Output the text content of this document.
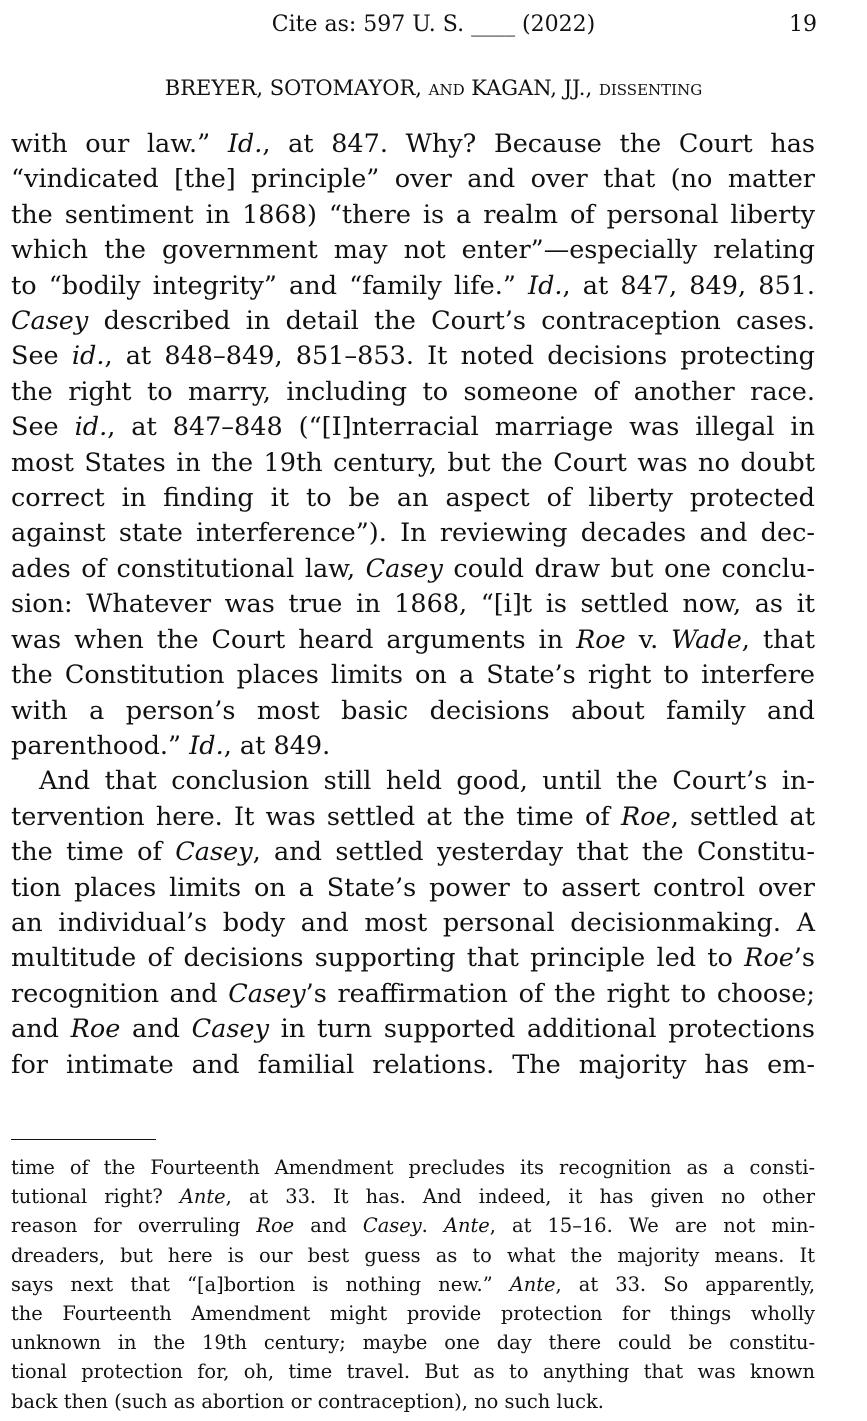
Cite as: 597 U. S. ____ (2022)	19
BREYER, SOTOMAYOR, and KAGAN, JJ., dissenting

with our law.” Id., at 847. Why? Because the Court has
“vindicated [the] principle” over and over that (no matter
the sentiment in 1868) “there is a realm of personal liberty
which the government may not enter”—especially relating
to “bodily integrity” and “family life.” Id., at 847, 849, 851.
Casey described in detail the Court’s contraception cases.
See id., at 848–849, 851–853. It noted decisions protecting
the right to marry, including to someone of another race.
See id., at 847–848 (“[I]nterracial marriage was illegal in
most States in the 19th century, but the Court was no doubt
correct in finding it to be an aspect of liberty protected
against state interference”). In reviewing decades and dec-
ades of constitutional law, Casey could draw but one conclu-
sion: Whatever was true in 1868, “[i]t is settled now, as it
was when the Court heard arguments in Roe v. Wade, that
the Constitution places limits on a State’s right to interfere
with a person’s most basic decisions about family and
parenthood.” Id., at 849.

And that conclusion still held good, until the Court’s in-
tervention here. It was settled at the time of Roe, settled at
the time of Casey, and settled yesterday that the Constitu-
tion places limits on a State’s power to assert control over
an individual’s body and most personal decisionmaking. A
multitude of decisions supporting that principle led to Roe’s
recognition and Casey’s reaffirmation of the right to choose;
and Roe and Casey in turn supported additional protections
for intimate and familial relations. The majority has em-

time of the Fourteenth Amendment precludes its recognition as a consti-
tutional right? Ante, at 33. It has. And indeed, it has given no other
reason for overruling Roe and Casey. Ante, at 15–16. We are not min-
dreaders, but here is our best guess as to what the majority means. It
says next that “[a]bortion is nothing new.” Ante, at 33. So apparently,
the Fourteenth Amendment might provide protection for things wholly
unknown in the 19th century; maybe one day there could be constitu-
tional protection for, oh, time travel. But as to anything that was known
back then (such as abortion or contraception), no such luck.
